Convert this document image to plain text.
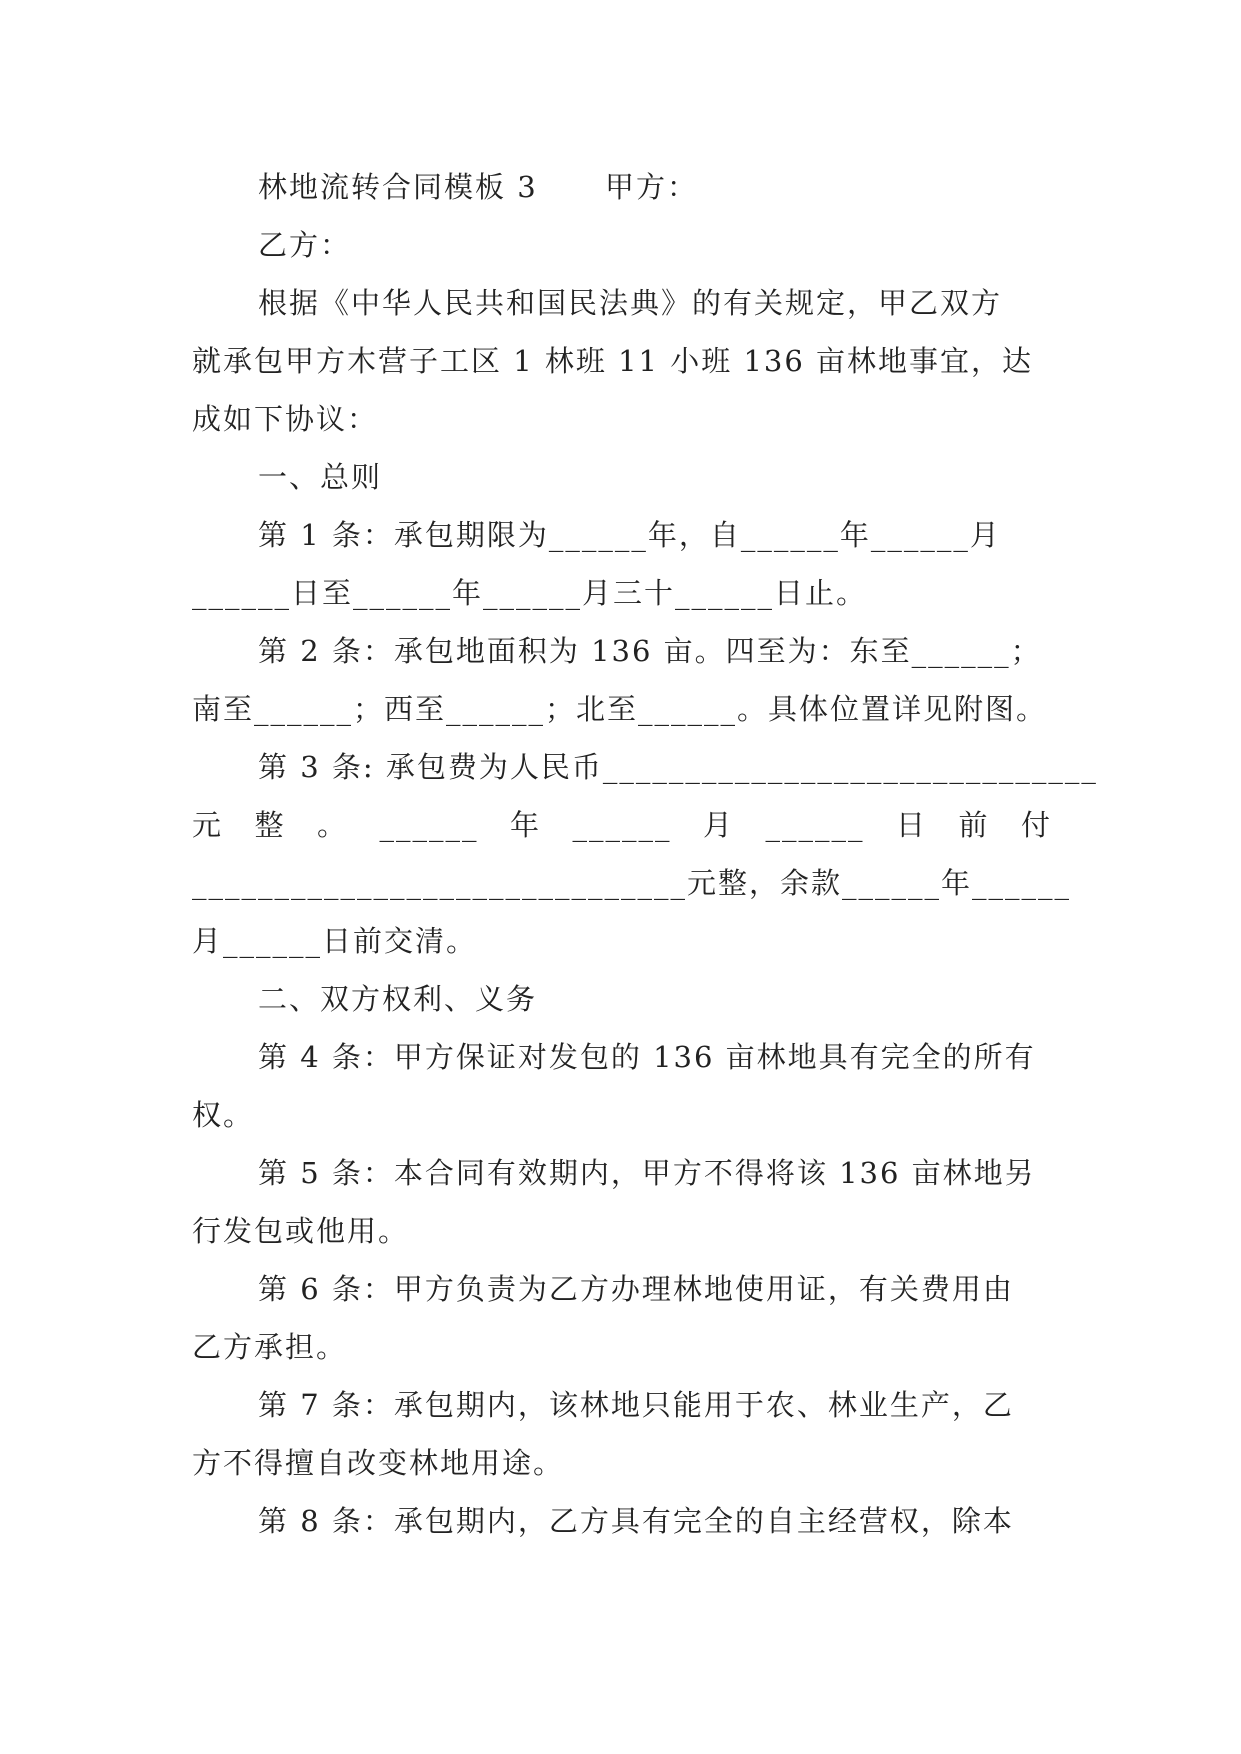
林地流转合同模板 3      甲方：
乙方：
根据《中华人民共和国民法典》的有关规定，甲乙双方
就承包甲方木营子工区 1 林班 11 小班 136 亩林地事宜，达
成如下协议：
一、总则
第 1 条：承包期限为______年，自______年______月
______日至______年______月三十______日止。
第 2 条：承包地面积为 136 亩。四至为：东至______；
南至______；西至______；北至______。具体位置详见附图。
第 3 条: 承包费为人民币______________________________
元 整 。 ______ 年 ______ 月 ______ 日 前 付
______________________________元整，余款______年______
月______日前交清。
二、双方权利、义务
第 4 条：甲方保证对发包的 136 亩林地具有完全的所有
权。
第 5 条：本合同有效期内，甲方不得将该 136 亩林地另
行发包或他用。
第 6 条：甲方负责为乙方办理林地使用证，有关费用由
乙方承担。
第 7 条：承包期内，该林地只能用于农、林业生产，乙
方不得擅自改变林地用途。
第 8 条：承包期内，乙方具有完全的自主经营权，除本
